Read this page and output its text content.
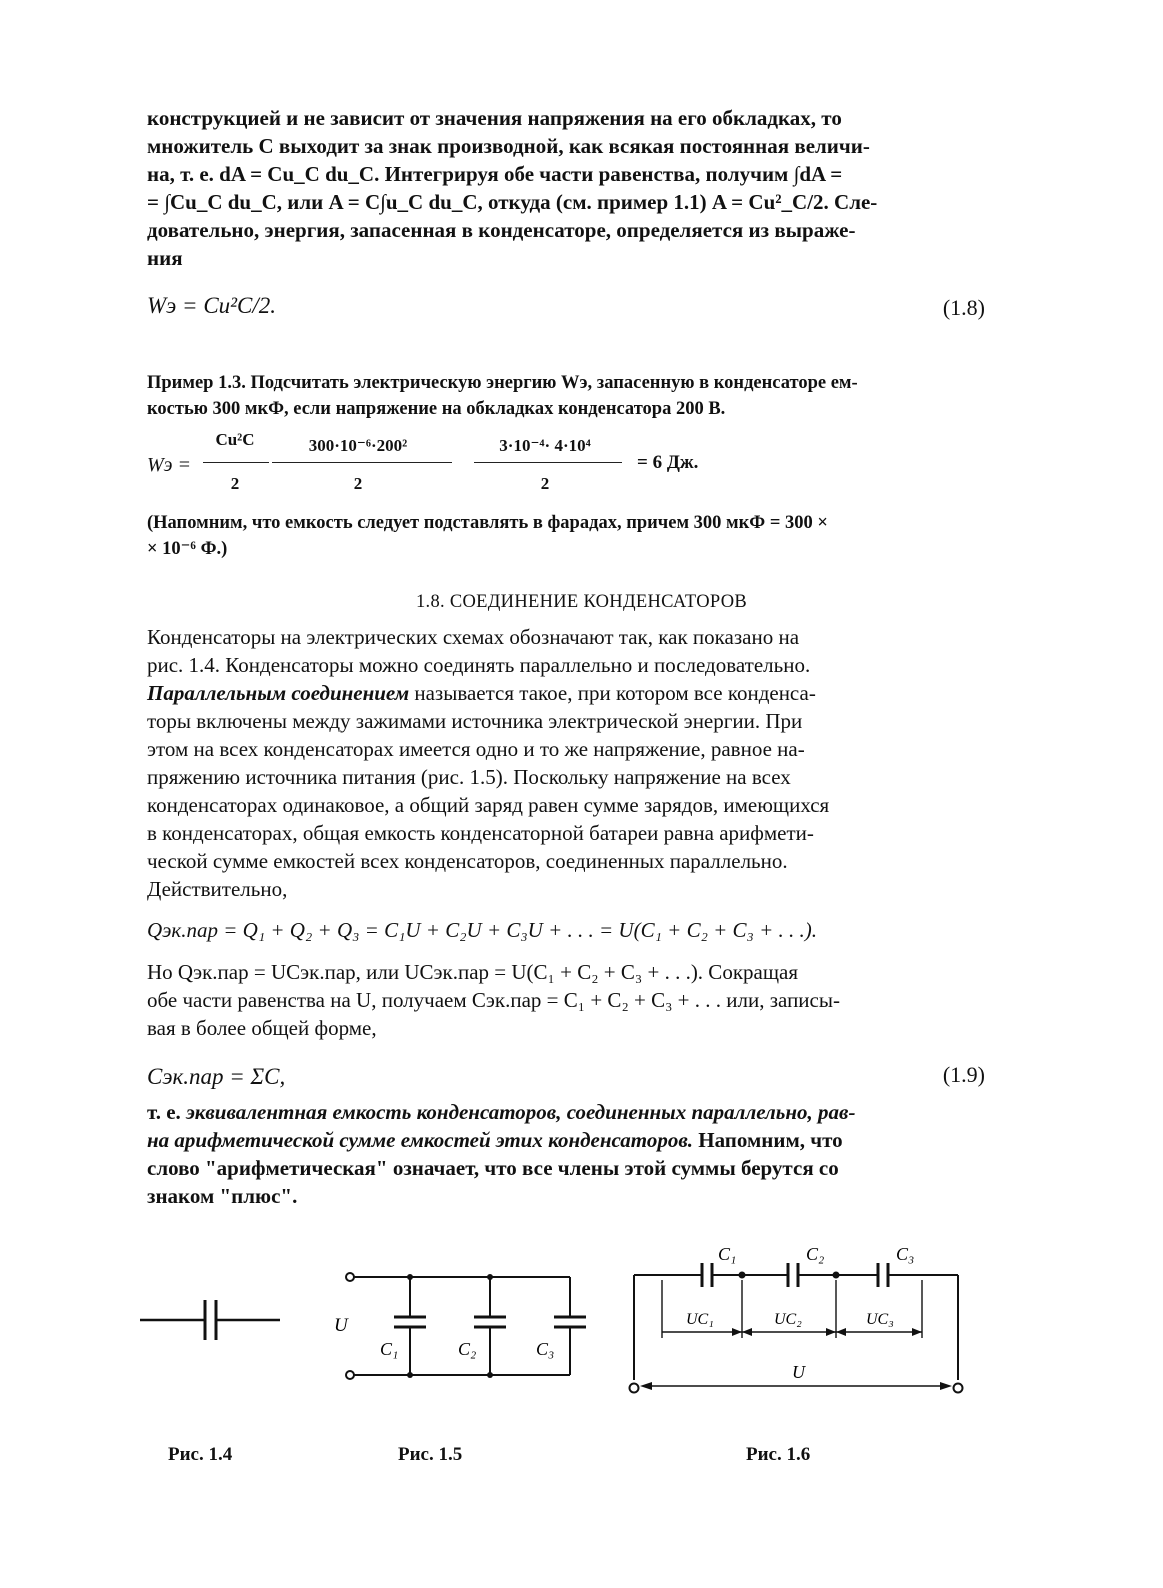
конструкцией и не зависит от значения напряжения на его обкладках, то
множитель C выходит за знак производной, как всякая постоянная величи-
на, т. е. dA = Cu_C du_C. Интегрируя обе части равенства, получим ∫dA =
= ∫Cu_C du_C, или A = C∫u_C du_C, откуда (см. пример 1.1) A = Cu²_C/2. Сле-
довательно, энергия, запасенная в конденсаторе, определяется из выраже-
ния
Wэ = Cu²C/2.	(1.8)
Пример 1.3. Подсчитать электрическую энергию Wэ, запасенную в конденсаторе ем-
костью 300 мкФ, если напряжение на обкладках конденсатора 200 В.
Wэ =
Cu²C
2
300·10⁻⁶·200²
2
3·10⁻⁴· 4·10⁴
2
= 6 Дж.
(Напомним, что емкость следует подставлять в фарадах, причем 300 мкФ = 300 ×
× 10⁻⁶ Ф.)
1.8. СОЕДИНЕНИЕ КОНДЕНСАТОРОВ
Конденсаторы на электрических схемах обозначают так, как показано на
рис. 1.4. Конденсаторы можно соединять параллельно и последовательно.
Параллельным соединением называется такое, при котором все конденса-
торы включены между зажимами источника электрической энергии. При
этом на всех конденсаторах имеется одно и то же напряжение, равное на-
пряжению источника питания (рис. 1.5). Поскольку напряжение на всех
конденсаторах одинаковое, а общий заряд равен сумме зарядов, имеющихся
в конденсаторах, общая емкость конденсаторной батареи равна арифмети-
ческой сумме емкостей всех конденсаторов, соединенных параллельно.
Действительно,
Qэк.пар = Q₁ + Q₂ + Q₃ = C₁U + C₂U + C₃U + . . . = U(C₁ + C₂ + C₃ + . . .).
Но Qэк.пар = UCэк.пар, или UCэк.пар = U(C₁ + C₂ + C₃ + . . .). Сокращая
обе части равенства на U, получаем Cэк.пар = C₁ + C₂ + C₃ + . . . или, записы-
вая в более общей форме,
Cэк.пар = ΣC,	(1.9)
т. е. эквивалентная емкость конденсаторов, соединенных параллельно, рав-
на арифметической сумме емкостей этих конденсаторов. Напомним, что
слово "арифметическая" означает, что все члены этой суммы берутся со
знаком "плюс".
U
C₁	C₂	C₃
C₁	C₂	C₃
UC₁	UC₂	UC₃
U
Рис. 1.4	Рис. 1.5	Рис. 1.6
